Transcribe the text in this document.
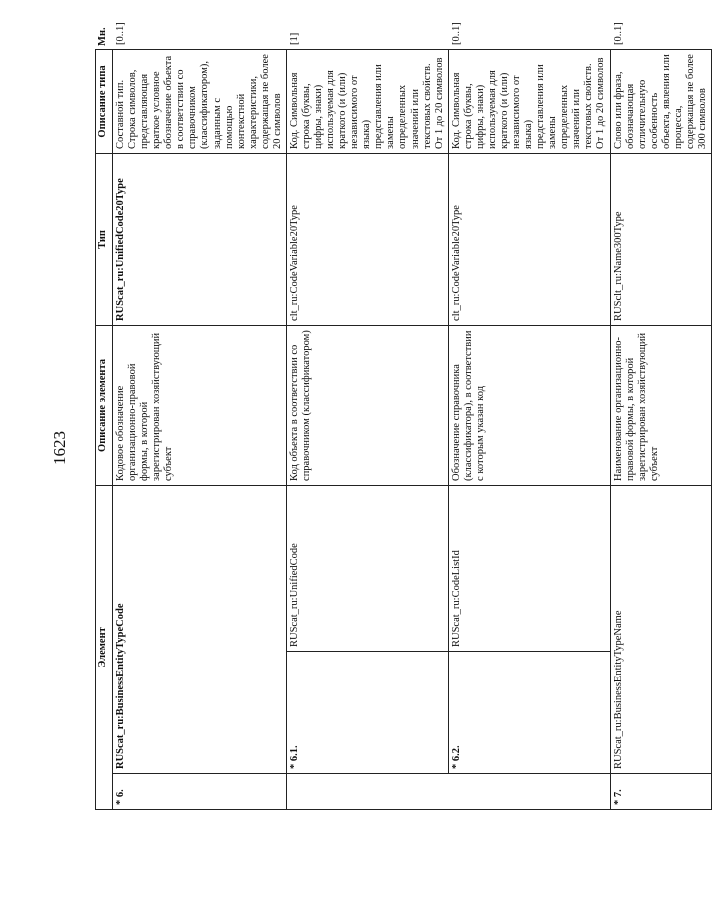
1623
Элемент			Описание элемента	Тип	Описание типа	Мн.
* 6.	RUScat_ru:BusinessEntityTypeCode		Кодовое обозначение организационно-правовой формы, в которой зарегистрирован хозяйствующий субъект	RUScat_ru:UnifiedCode20Type	Составной тип. Строка символов, представляющая краткое условное обозначение объекта в соответствии со справочником (классификатором), заданным с помощью контекстной характеристики, содержащая не более 20 символов	[0..1]
	* 6.1.	RUScat_ru:UnifiedCode	Код объекта в соответствии со справочником (классификатором)	clt_ru:CodeVariable20Type	Код. Символьная строка (буквы, цифры, знаки) используемая для краткого (и (или) независимого от языка) представления или замены определенных значений или текстовых свойств. От 1 до 20 символов	[1]
	* 6.2.	RUScat_ru:CodeListId	Обозначение справочника (классификатора), в соответствии с которым указан код	clt_ru:CodeVariable20Type	Код. Символьная строка (буквы, цифры, знаки) используемая для краткого (и (или) независимого от языка) представления или замены определенных значений или текстовых свойств. От 1 до 20 символов	[0..1]
* 7.	RUScat_ru:BusinessEntityTypeName		Наименование организационно-правовой формы, в которой зарегистрирован хозяйствующий субъект	RUSclt_ru:Name300Type	Слово или фраза, обозначающая отличительную особенность объекта, явления или процесса, содержащая не более 300 символов	[0..1]
